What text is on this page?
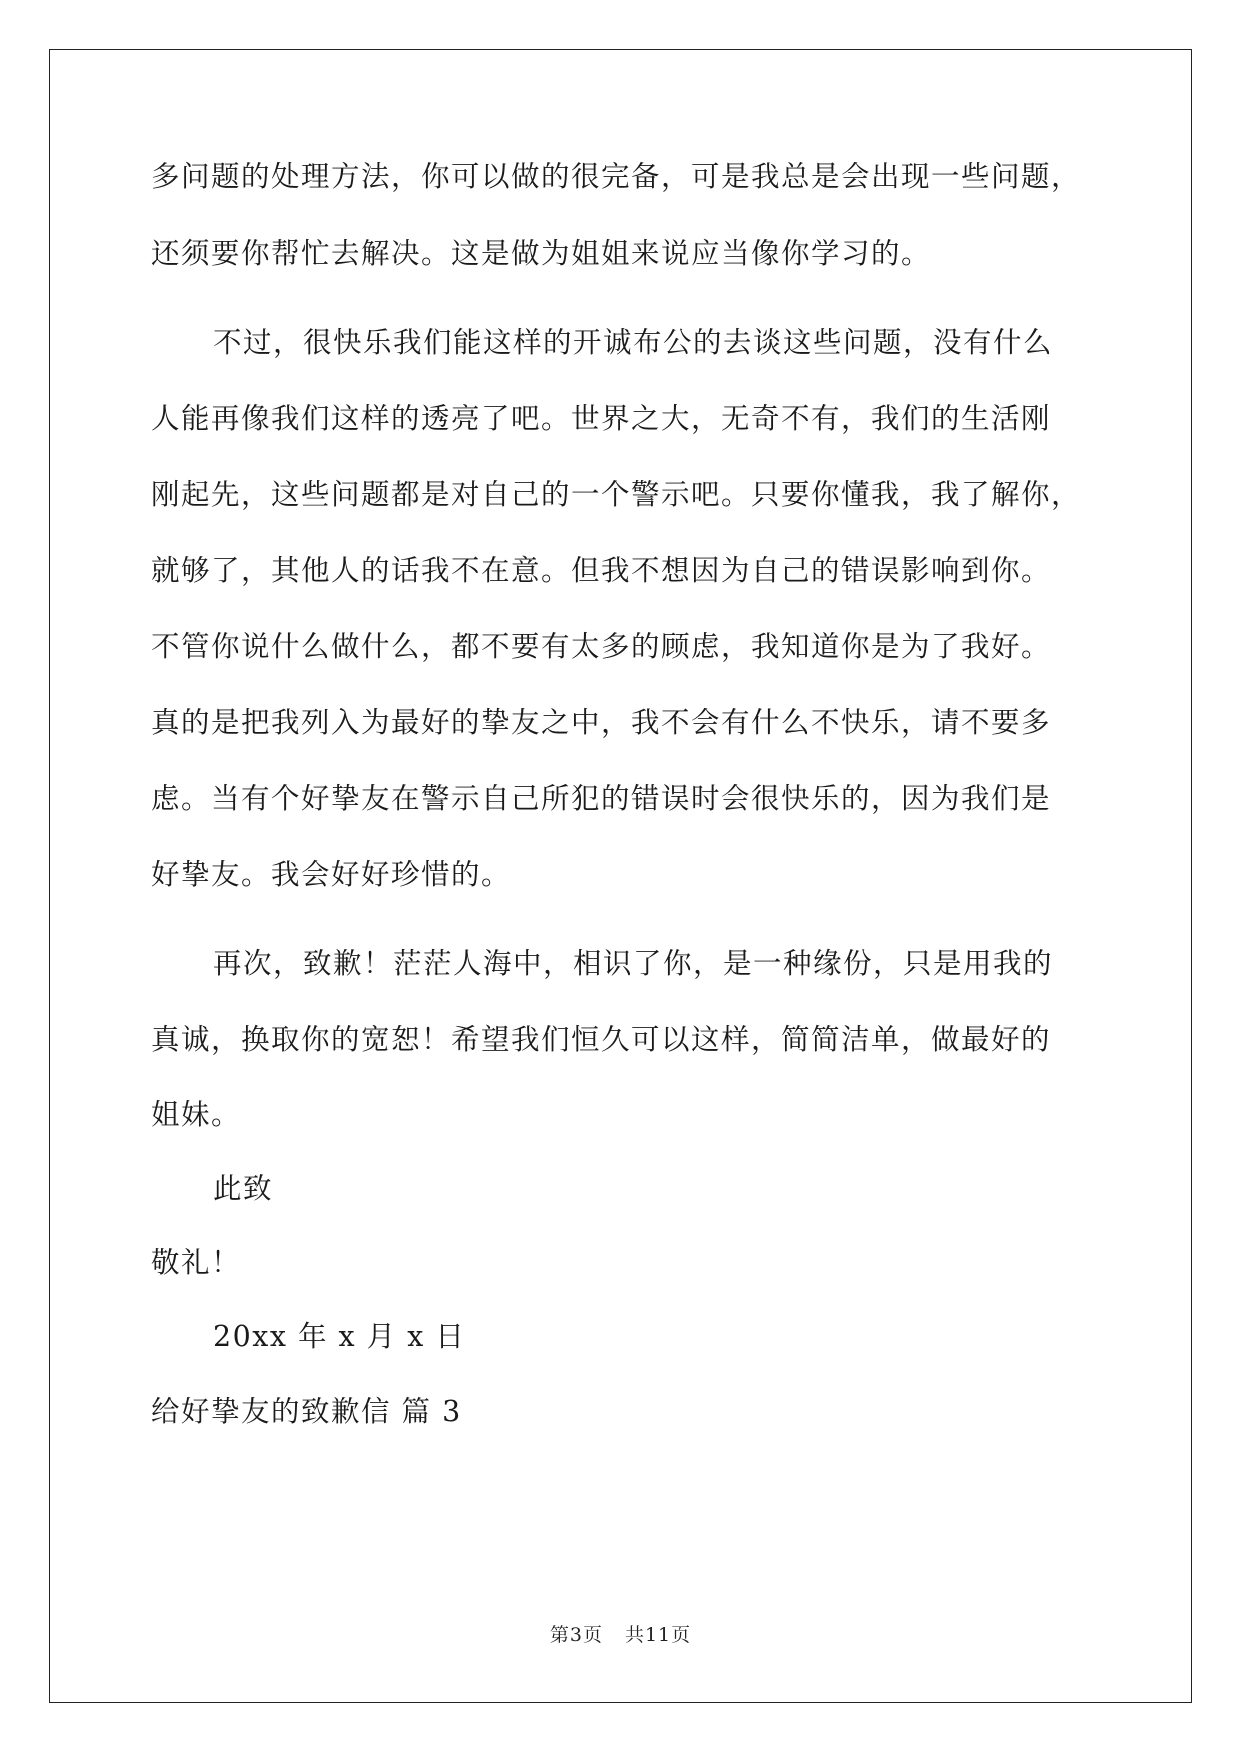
多问题的处理方法，你可以做的很完备，可是我总是会出现一些问题，
还须要你帮忙去解决。这是做为姐姐来说应当像你学习的。
不过，很快乐我们能这样的开诚布公的去谈这些问题，没有什么
人能再像我们这样的透亮了吧。世界之大，无奇不有，我们的生活刚
刚起先，这些问题都是对自己的一个警示吧。只要你懂我，我了解你，
就够了，其他人的话我不在意。但我不想因为自己的错误影响到你。
不管你说什么做什么，都不要有太多的顾虑，我知道你是为了我好。
真的是把我列入为最好的挚友之中，我不会有什么不快乐，请不要多
虑。当有个好挚友在警示自己所犯的错误时会很快乐的，因为我们是
好挚友。我会好好珍惜的。
再次，致歉！茫茫人海中，相识了你，是一种缘份，只是用我的
真诚，换取你的宽恕！希望我们恒久可以这样，简简洁单，做最好的
姐妹。
此致
敬礼！
20xx 年 x 月 x 日
给好挚友的致歉信 篇 3
第3页 共11页
